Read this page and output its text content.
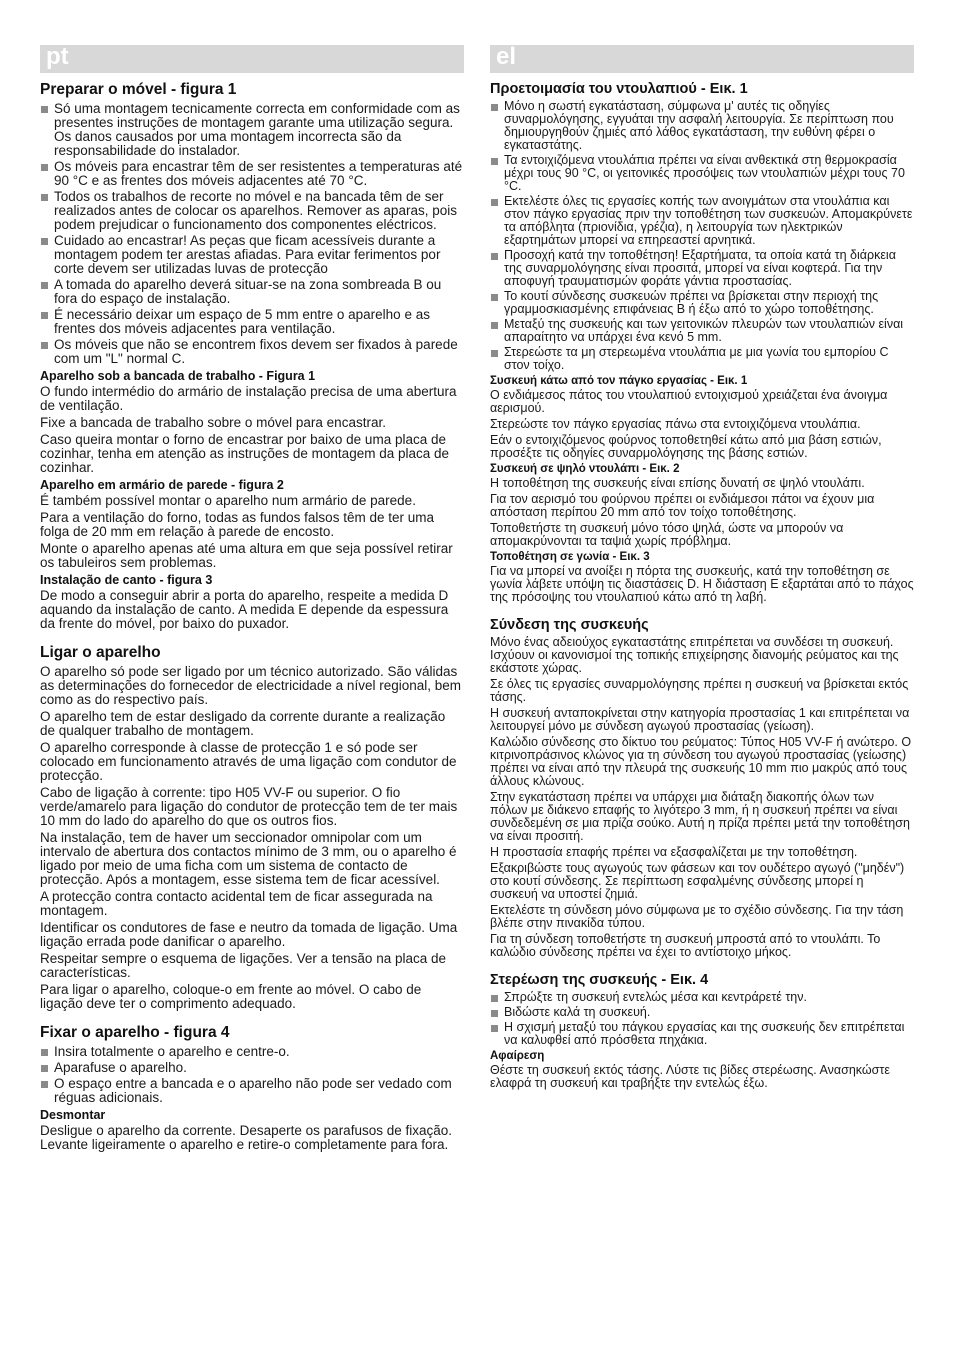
pt
Preparar o móvel - figura 1
Só uma montagem tecnicamente correcta em conformidade com as presentes instruções de montagem garante uma utilização segura. Os danos causados por uma montagem incorrecta são da responsabilidade do instalador.
Os móveis para encastrar têm de ser resistentes a temperaturas até 90 °C e as frentes dos móveis adjacentes até 70 °C.
Todos os trabalhos de recorte no móvel e na bancada têm de ser realizados antes de colocar os aparelhos. Remover as aparas, pois podem prejudicar o funcionamento dos componentes eléctricos.
Cuidado ao encastrar! As peças que ficam acessíveis durante a montagem podem ter arestas afiadas. Para evitar ferimentos por corte devem ser utilizadas luvas de protecção
A tomada do aparelho deverá situar-se na zona sombreada B ou fora do espaço de instalação.
É necessário deixar um espaço de 5 mm entre o aparelho e as frentes dos móveis adjacentes para ventilação.
Os móveis que não se encontrem fixos devem ser fixados à parede com um "L" normal C.
Aparelho sob a bancada de trabalho - Figura 1

O fundo intermédio do armário de instalação precisa de uma abertura de ventilação.

Fixe a bancada de trabalho sobre o móvel para encastrar.

Caso queira montar o forno de encastrar por baixo de uma placa de cozinhar, tenha em atenção as instruções de montagem da placa de cozinhar.

Aparelho em armário de parede - figura 2

É também possível montar o aparelho num armário de parede.

Para a ventilação do forno, todas as fundos falsos têm de ter uma folga de 20 mm em relação à parede de encosto.

Monte o aparelho apenas até uma altura em que seja possível retirar os tabuleiros sem problemas.

Instalação de canto - figura 3

De modo a conseguir abrir a porta do aparelho, respeite a medida D aquando da instalação de canto. A medida E depende da espessura da frente do móvel, por baixo do puxador.

Ligar o aparelho

O aparelho só pode ser ligado por um técnico autorizado. São válidas as determinações do fornecedor de electricidade a nível regional, bem como as do respectivo país.

O aparelho tem de estar desligado da corrente durante a realização de qualquer trabalho de montagem.

O aparelho corresponde à classe de protecção 1 e só pode ser colocado em funcionamento através de uma ligação com condutor de protecção.

Cabo de ligação à corrente: tipo H05 VV-F ou superior. O fio verde/amarelo para ligação do condutor de protecção tem de ter mais 10 mm do lado do aparelho do que os outros fios.

Na instalação, tem de haver um seccionador omnipolar com um intervalo de abertura dos contactos mínimo de 3 mm, ou o aparelho é ligado por meio de uma ficha com um sistema de contacto de protecção. Após a montagem, esse sistema tem de ficar acessível.

A protecção contra contacto acidental tem de ficar assegurada na montagem.

Identificar os condutores de fase e neutro da tomada de ligação. Uma ligação errada pode danificar o aparelho.

Respeitar sempre o esquema de ligações. Ver a tensão na placa de características.

Para ligar o aparelho, coloque-o em frente ao móvel. O cabo de ligação deve ter o comprimento adequado.

Fixar o aparelho - figura 4
Insira totalmente o aparelho e centre-o.
Aparafuse o aparelho.
O espaço entre a bancada e o aparelho não pode ser vedado com réguas adicionais.
Desmontar

Desligue o aparelho da corrente. Desaperte os parafusos de fixação. Levante ligeiramente o aparelho e retire-o completamente para fora.

el
Προετοιμασία του ντουλαπιού - Εικ. 1
Μόνο η σωστή εγκατάσταση, σύμφωνα μ' αυτές τις οδηγίες συναρμολόγησης, εγγυάται την ασφαλή λειτουργία. Σε περίπτωση που δημιουργηθούν ζημιές από λάθος εγκατάσταση, την ευθύνη φέρει ο εγκαταστάτης.
Τα εντοιχιζόμενα ντουλάπια πρέπει να είναι ανθεκτικά στη θερμοκρασία μέχρι τους 90 °C, οι γειτονικές προσόψεις των ντουλαπιών μέχρι τους 70 °C.
Εκτελέστε όλες τις εργασίες κοπής των ανοιγμάτων στα ντουλάπια και στον πάγκο εργασίας πριν την τοποθέτηση των συσκευών. Απομακρύνετε τα απόβλητα (πριονίδια, γρέζια), η λειτουργία των ηλεκτρικών εξαρτημάτων μπορεί να επηρεαστεί αρνητικά.
Προσοχή κατά την τοποθέτηση! Εξαρτήματα, τα οποία κατά τη διάρκεια της συναρμολόγησης είναι προσιτά, μπορεί να είναι κοφτερά. Για την αποφυγή τραυματισμών φοράτε γάντια προστασίας.
Το κουτί σύνδεσης συσκευών πρέπει να βρίσκεται στην περιοχή της γραμμοσκιασμένης επιφάνειας B ή έξω από το χώρο τοποθέτησης.
Μεταξύ της συσκευής και των γειτονικών πλευρών των ντουλαπιών είναι απαραίτητο να υπάρχει ένα κενό 5 mm.
Στερεώστε τα μη στερεωμένα ντουλάπια με μια γωνία του εμπορίου C στον τοίχο.
Συσκευή κάτω από τον πάγκο εργασίας - Εικ. 1

Ο ενδιάμεσος πάτος του ντουλαπιού εντοιχισμού χρειάζεται ένα άνοιγμα αερισμού.

Στερεώστε τον πάγκο εργασίας πάνω στα εντοιχιζόμενα ντουλάπια.

Εάν ο εντοιχιζόμενος φούρνος τοποθετηθεί κάτω από μια βάση εστιών, προσέξτε τις οδηγίες συναρμολόγησης της βάσης εστιών.

Συσκευή σε ψηλό ντουλάπι - Εικ. 2

Η τοποθέτηση της συσκευής είναι επίσης δυνατή σε ψηλό ντουλάπι.

Για τον αερισμό του φούρνου πρέπει οι ενδιάμεσοι πάτοι να έχουν μια απόσταση περίπου 20 mm από τον τοίχο τοποθέτησης.

Τοποθετήστε τη συσκευή μόνο τόσο ψηλά, ώστε να μπορούν να απομακρύνονται τα ταψιά χωρίς πρόβλημα.

Τοποθέτηση σε γωνία - Εικ. 3

Για να μπορεί να ανοίξει η πόρτα της συσκευής, κατά την τοποθέτηση σε γωνία λάβετε υπόψη τις διαστάσεις D. Η διάσταση E εξαρτάται από το πάχος της πρόσοψης του ντουλαπιού κάτω από τη λαβή.

Σύνδεση της συσκευής

Μόνο ένας αδειούχος εγκαταστάτης επιτρέπεται να συνδέσει τη συσκευή. Ισχύουν οι κανονισμοί της τοπικής επιχείρησης διανομής ρεύματος και της εκάστοτε χώρας.

Σε όλες τις εργασίες συναρμολόγησης πρέπει η συσκευή να βρίσκεται εκτός τάσης.

Η συσκευή ανταποκρίνεται στην κατηγορία προστασίας 1 και επιτρέπεται να λειτουργεί μόνο με σύνδεση αγωγού προστασίας (γείωση).

Καλώδιο σύνδεσης στο δίκτυο του ρεύματος: Τύπος H05 VV-F ή ανώτερο. Ο κιτρινοπράσινος κλώνος για τη σύνδεση του αγωγού προστασίας (γείωσης) πρέπει να είναι από την πλευρά της συσκευής 10 mm πιο μακρύς από τους άλλους κλώνους.

Στην εγκατάσταση πρέπει να υπάρχει μια διάταξη διακοπής όλων των πόλων με διάκενο επαφής το λιγότερο 3 mm, ή η συσκευή πρέπει να είναι συνδεδεμένη σε μια πρίζα σούκο. Αυτή η πρίζα πρέπει μετά την τοποθέτηση να είναι προσιτή.

Η προστασία επαφής πρέπει να εξασφαλίζεται με την τοποθέτηση.

Εξακριβώστε τους αγωγούς των φάσεων και τον ουδέτερο αγωγό ("μηδέν") στο κουτί σύνδεσης. Σε περίπτωση εσφαλμένης σύνδεσης μπορεί η συσκευή να υποστεί ζημιά.

Εκτελέστε τη σύνδεση μόνο σύμφωνα με το σχέδιο σύνδεσης. Για την τάση βλέπε στην πινακίδα τύπου.

Για τη σύνδεση τοποθετήστε τη συσκευή μπροστά από το ντουλάπι. Το καλώδιο σύνδεσης πρέπει να έχει το αντίστοιχο μήκος.

Στερέωση της συσκευής - Εικ. 4
Σπρώξτε τη συσκευή εντελώς μέσα και κεντράρετέ την.
Βιδώστε καλά τη συσκευή.
Η σχισμή μεταξύ του πάγκου εργασίας και της συσκευής δεν επιτρέπεται να καλυφθεί από πρόσθετα πηχάκια.
Αφαίρεση

Θέστε τη συσκευή εκτός τάσης. Λύστε τις βίδες στερέωσης. Ανασηκώστε ελαφρά τη συσκευή και τραβήξτε την εντελώς έξω.
